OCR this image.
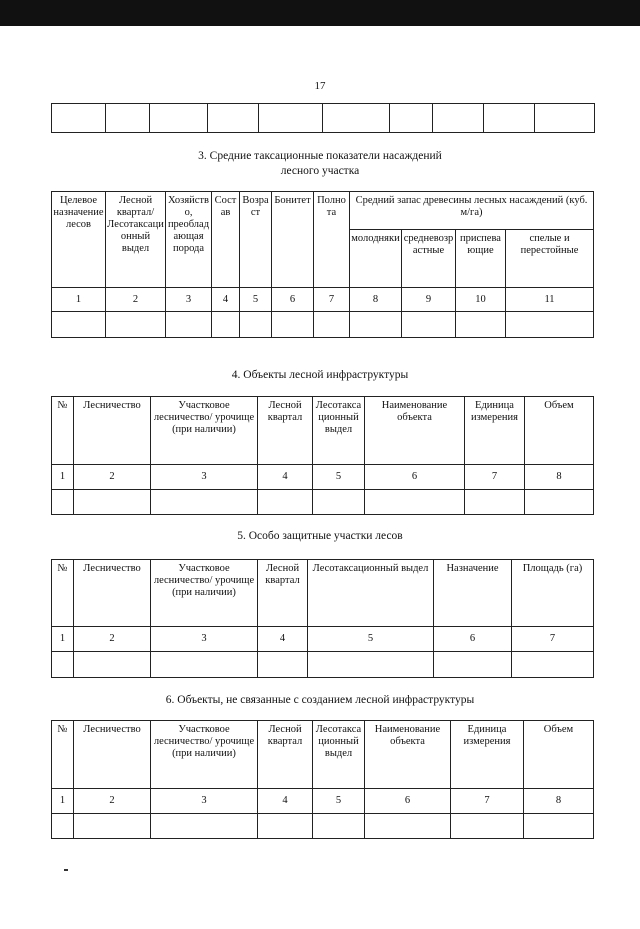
17

3. Средние таксационные показатели насаждений
лесного участка
Целевое назначение лесов	Лесной квартал/ Лесотаксационный выдел	Хозяйство, преобладающая порода	Состав	Возраст	Бонитет	Полнота	Средний запас древесины лесных насаждений (куб. м/га)			
							молодняки	средневозрастные	приспевающие	спелые и перестойные
1	2	3	4	5	6	7	8	9	10	11

4. Объекты лесной инфраструктуры
№	Лесничество	Участковое лесничество/ урочище (при наличии)	Лесной квартал	Лесотаксационный выдел	Наименование объекта	Единица измерения	Объем
1	2	3	4	5	6	7	8

5. Особо защитные участки лесов
№	Лесничество	Участковое лесничество/ урочище (при наличии)	Лесной квартал	Лесотаксационный выдел	Назначение	Площадь (га)
1	2	3	4	5	6	7

6. Объекты, не связанные с созданием лесной инфраструктуры
№	Лесничество	Участковое лесничество/ урочище (при наличии)	Лесной квартал	Лесотаксационный выдел	Наименование объекта	Единица измерения	Объем
1	2	3	4	5	6	7	8
